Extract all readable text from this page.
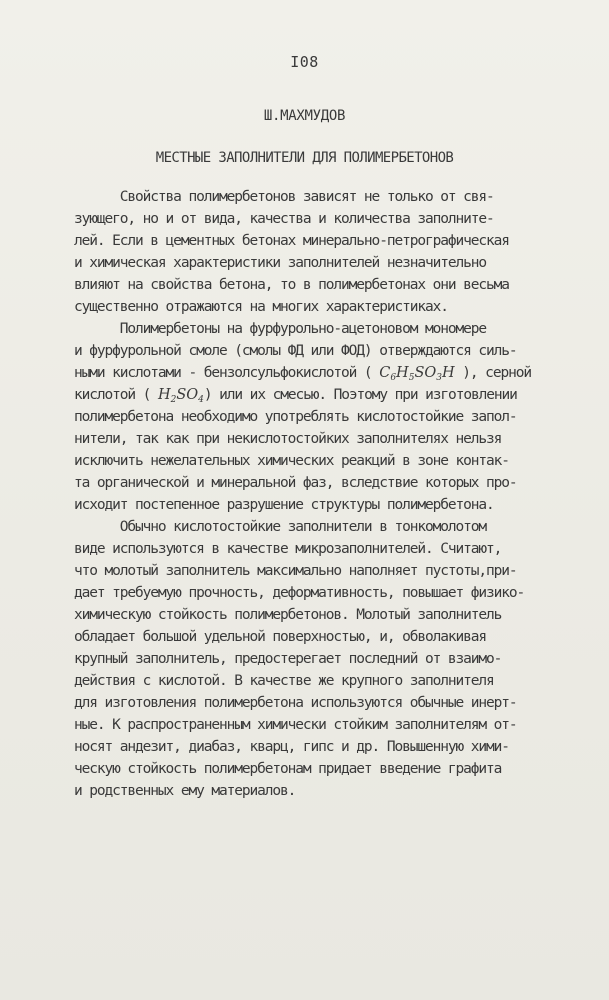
I08
Ш.МАХМУДОВ
МЕСТНЫЕ ЗАПОЛНИТЕЛИ ДЛЯ ПОЛИМЕРБЕТОНОВ
Свойства полимербетонов зависят не только от свя-
зующего, но и от вида, качества и количества заполните-
лей. Если в цементных бетонах минерально-петрографическая
и химическая характеристики заполнителей незначительно
влияют на свойства бетона, то в полимербетонах они весьма
существенно отражаются на многих характеристиках.
Полимербетоны на фурфурольно-ацетоновом мономере
и фурфурольной смоле (смолы ФД или ФОД) отверждаются силь-
ными кислотами - бензолсульфокислотой ( $C_6H_5SO_3H$ ), серной
кислотой ( $H_2SO_4$) или их смесью. Поэтому при изготовлении
полимербетона необходимо употреблять кислотостойкие запол-
нители, так как при некислотостойких заполнителях нельзя
исключить нежелательных химических реакций в зоне контак-
та органической и минеральной фаз, вследствие которых про-
исходит постепенное разрушение структуры полимербетона.
Обычно кислотостойкие заполнители в тонкомолотом
виде используются в качестве микрозаполнителей. Считают,
что молотый заполнитель максимально наполняет пустоты,при-
дает требуемую прочность, деформативность, повышает физико-
химическую стойкость полимербетонов. Молотый заполнитель
обладает большой удельной поверхностью, и, обволакивая
крупный заполнитель, предостерегает последний от взаимо-
действия с кислотой. В качестве же крупного заполнителя
для изготовления полимербетона используются обычные инерт-
ные. К распространенным химически стойким заполнителям от-
носят андезит, диабаз, кварц, гипс и др. Повышенную хими-
ческую стойкость полимербетонам придает введение графита
и родственных ему материалов.
